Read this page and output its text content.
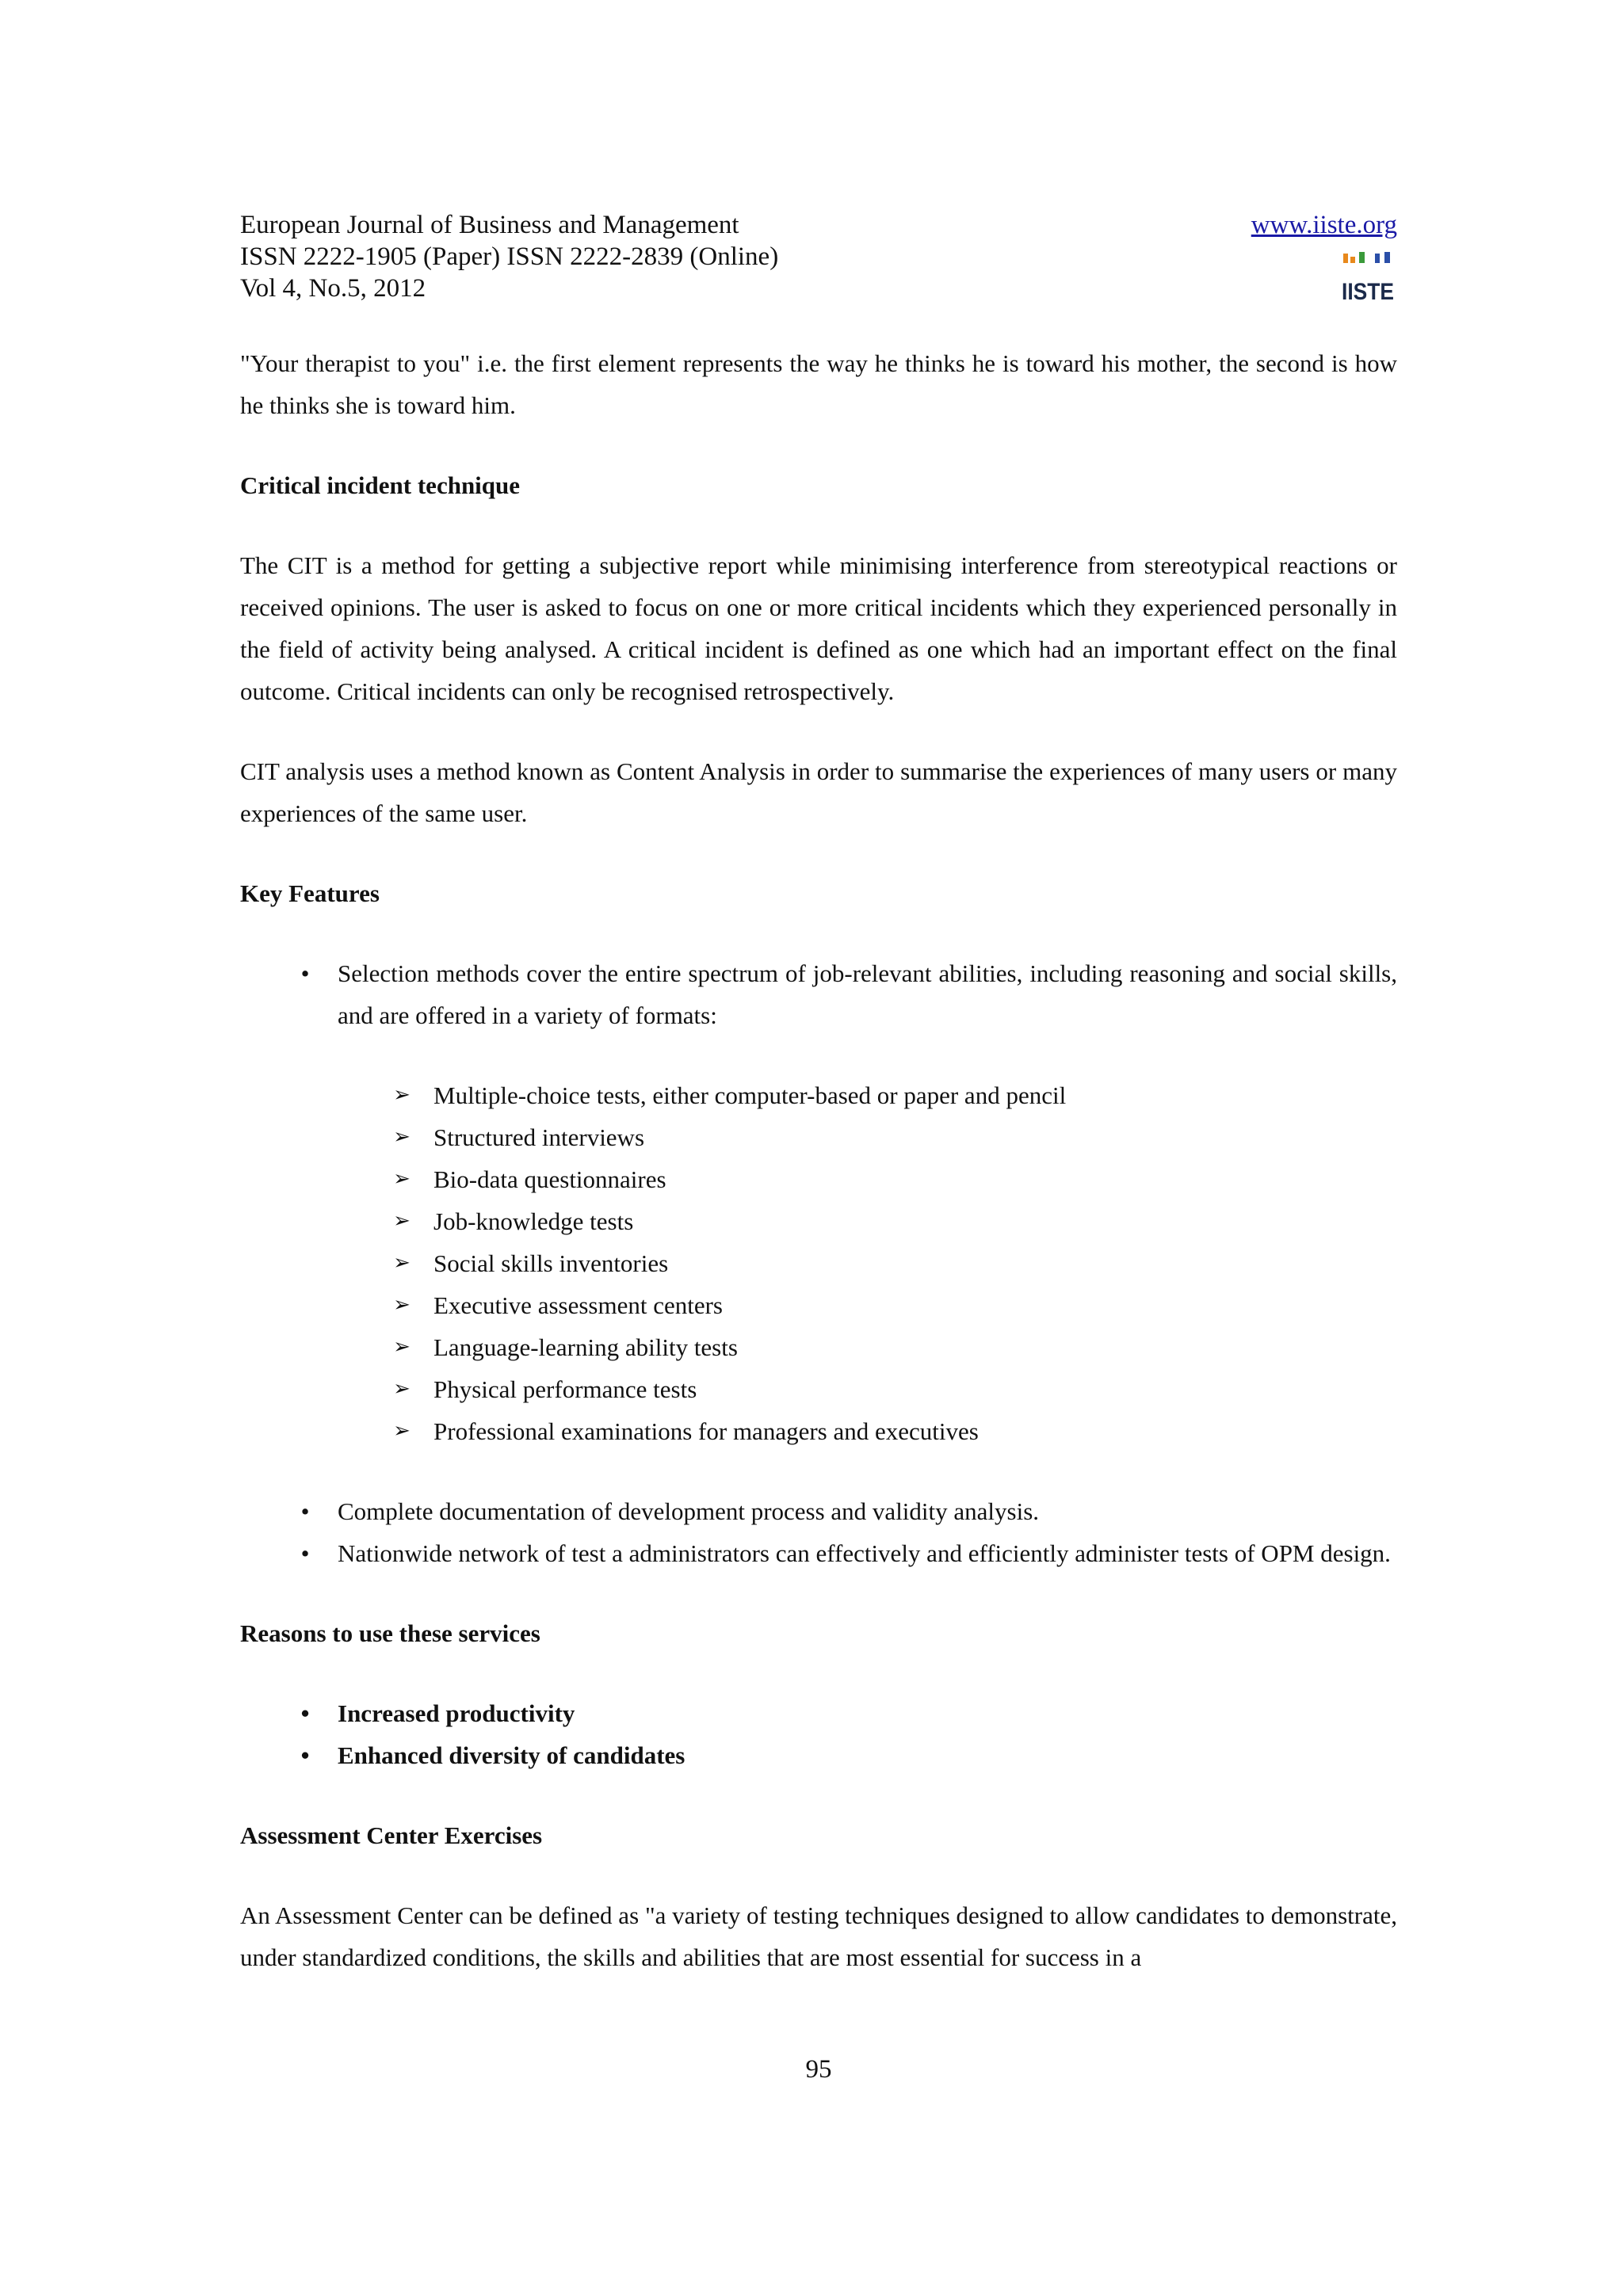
European Journal of Business and Management
ISSN 2222-1905 (Paper) ISSN 2222-2839 (Online)
Vol 4, No.5, 2012
www.iiste.org
IISTE

"Your therapist to you" i.e. the first element represents the way he thinks he is toward his mother, the second is how he thinks she is toward him.

Critical incident technique

The CIT is a method for getting a subjective report while minimising interference from stereotypical reactions or received opinions. The user is asked to focus on one or more critical incidents which they experienced personally in the field of activity being analysed. A critical incident is defined as one which had an important effect on the final outcome. Critical incidents can only be recognised retrospectively.

CIT analysis uses a method known as Content Analysis in order to summarise the experiences of many users or many experiences of the same user.

Key Features
•	Selection methods cover the entire spectrum of job-relevant abilities, including reasoning and social skills, and are offered in a variety of formats:
➢ Multiple-choice tests, either computer-based or paper and pencil
➢ Structured interviews
➢ Bio-data questionnaires
➢ Job-knowledge tests
➢ Social skills inventories
➢ Executive assessment centers
➢ Language-learning ability tests
➢ Physical performance tests
➢ Professional examinations for managers and executives
•	Complete documentation of development process and validity analysis.
•	Nationwide network of test a administrators can effectively and efficiently administer tests of OPM design.
Reasons to use these services
•	Increased productivity
•	Enhanced diversity of candidates
Assessment Center Exercises

An Assessment Center can be defined as "a variety of testing techniques designed to allow candidates to demonstrate, under standardized conditions, the skills and abilities that are most essential for success in a

95
